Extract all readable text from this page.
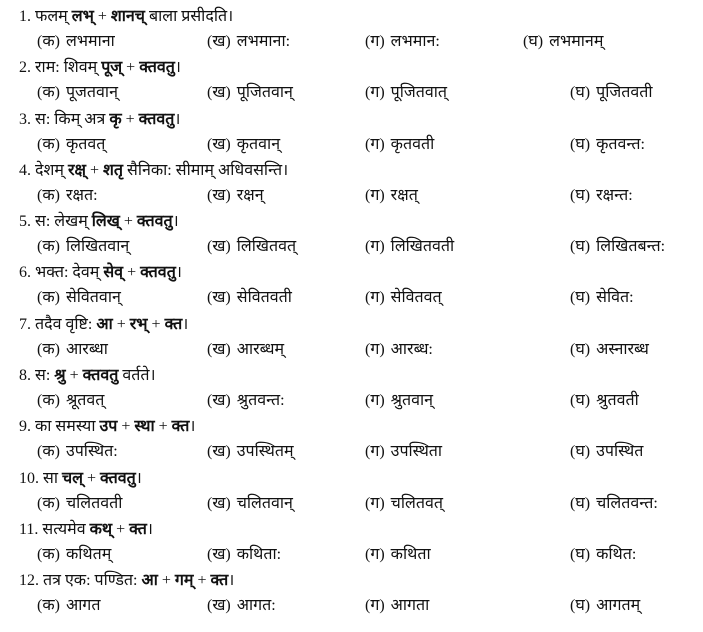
1. फलम् लभ् + शानच् बाला प्रसीदति।
(क) लभमाना	(ख) लभमाना:	(ग) लभमान:	(घ) लभमानम्
2. राम: शिवम् पूज् + क्तवतु।
(क) पूजतवान्	(ख) पूजितवान्	(ग) पूजितवात्	(घ) पूजितवती
3. स: किम् अत्र कृ + क्तवतु।
(क) कृतवत्	(ख) कृतवान्	(ग) कृतवती	(घ) कृतवन्त:
4. देशम् रक्ष् + शतृ सैनिका: सीमाम् अधिवसन्ति।
(क) रक्षत:	(ख) रक्षन्	(ग) रक्षत्	(घ) रक्षन्त:
5. स: लेखम् लिख् + क्तवतु।
(क) लिखितवान्	(ख) लिखितवत्	(ग) लिखितवती	(घ) लिखितबन्त:
6. भक्त: देवम् सेव् + क्तवतु।
(क) सेवितवान्	(ख) सेवितवती	(ग) सेवितवत्	(घ) सेवित:
7. तदैव वृष्टि: आ + रभ् + क्त।
(क) आरब्धा	(ख) आरब्धम्	(ग) आरब्ध:	(घ) अस्नारब्ध
8. स: श्रु + क्तवतु वर्तते।
(क) श्रूतवत्	(ख) श्रुतवन्त:	(ग) श्रुतवान्	(घ) श्रुतवती
9. का समस्या उप + स्था + क्त।
(क) उपस्थित:	(ख) उपस्थितम्	(ग) उपस्थिता	(घ) उपस्थित
10. सा चल् + क्तवतु।
(क) चलितवती	(ख) चलितवान्	(ग) चलितवत्	(घ) चलितवन्त:
11. सत्यमेव कथ् + क्त।
(क) कथितम्	(ख) कथिता:	(ग) कथिता	(घ) कथित:
12. तत्र एक: पण्डित: आ + गम् + क्त।
(क) आगत	(ख) आगत:	(ग) आगता	(घ) आगतम्
